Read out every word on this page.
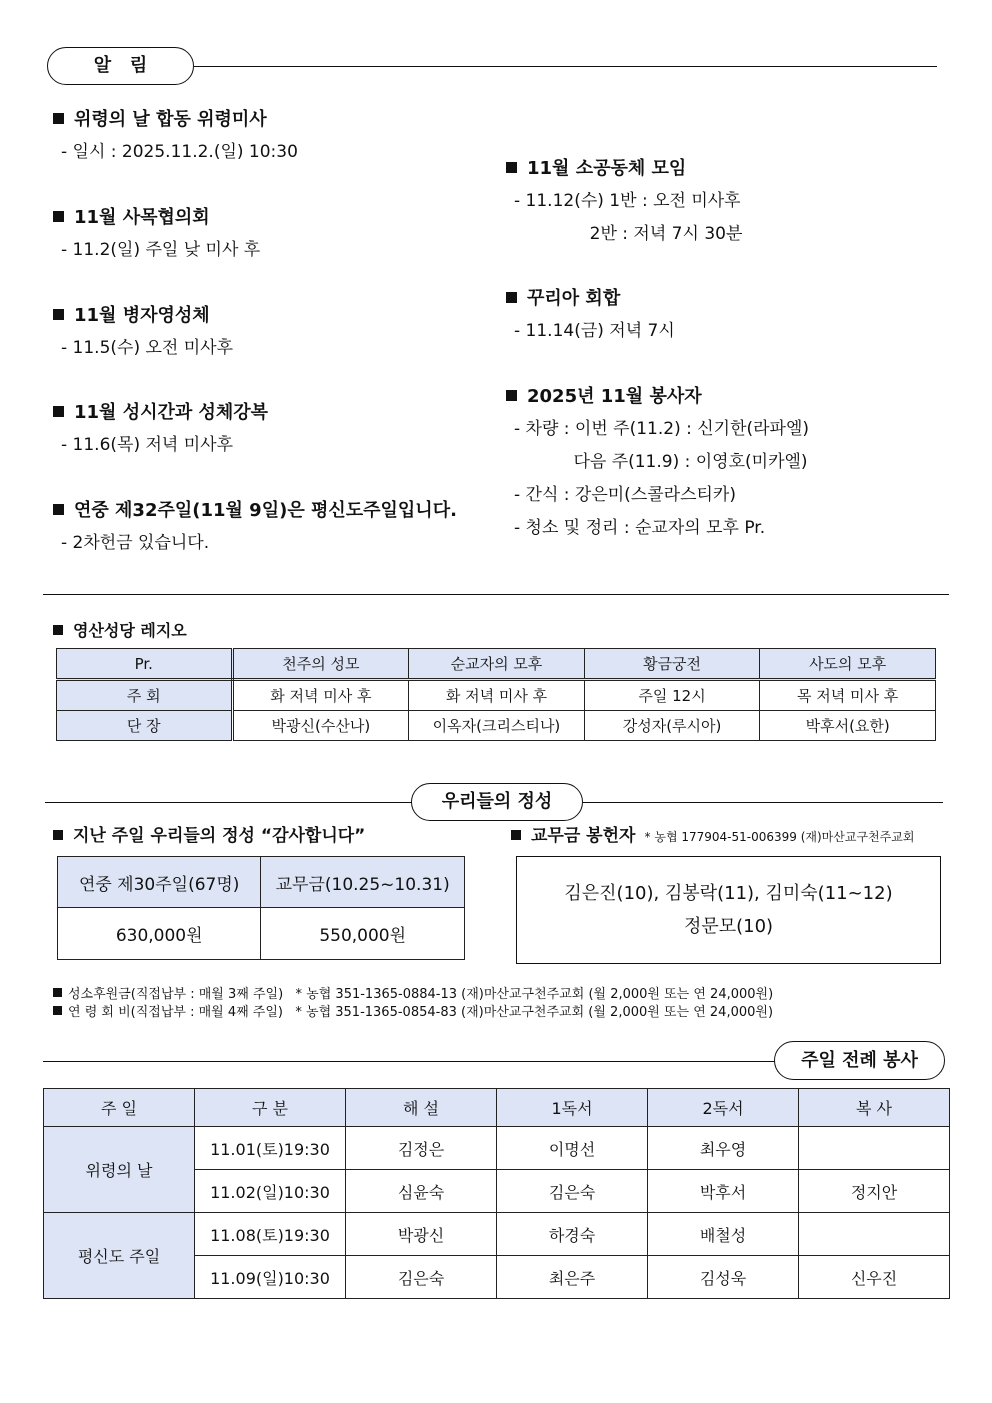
알   림
위령의 날 합동 위령미사
- 일시 : 2025.11.2.(일) 10:30
11월 사목협의회
- 11.2(일) 주일 낮 미사 후
11월 병자영성체
- 11.5(수) 오전 미사후
11월 성시간과 성체강복
- 11.6(목) 저녁 미사후
연중 제32주일(11월 9일)은 평신도주일입니다.
- 2차헌금 있습니다.
11월 소공동체 모임
- 11.12(수) 1반 : 오전 미사후
2반 : 저녁 7시 30분
꾸리아 회합
- 11.14(금) 저녁 7시
2025년 11월 봉사자
- 차량 : 이번 주(11.2) : 신기한(라파엘)
다음 주(11.9) : 이영호(미카엘)
- 간식 : 강은미(스콜라스티카)
- 청소 및 정리 : 순교자의 모후 Pr.
영산성당 레지오
Pr.	천주의 성모	순교자의 모후	황금궁전	사도의 모후
주 회	화 저녁 미사 후	화 저녁 미사 후	주일 12시	목 저녁 미사 후
단 장	박광신(수산나)	이옥자(크리스티나)	강성자(루시아)	박후서(요한)
우리들의 정성
지난 주일 우리들의 정성 “감사합니다”
연중 제30주일(67명)	교무금(10.25~10.31)
630,000원	550,000원
교무금 봉헌자 * 농협 177904-51-006399 (재)마산교구천주교회
김은진(10), 김봉락(11), 김미숙(11~12)
정문모(10)
성소후원금(직접납부 : 매월 3째 주일)   * 농협 351-1365-0884-13 (재)마산교구천주교회 (월 2,000원 또는 연 24,000원)
연 령 회 비(직접납부 : 매월 4째 주일)   * 농협 351-1365-0854-83 (재)마산교구천주교회 (월 2,000원 또는 연 24,000원)
주일 전례 봉사
주 일	구 분	해 설	1독서	2독서	복 사
위령의 날	11.01(토)19:30	김정은	이명선	최우영	
	11.02(일)10:30	심윤숙	김은숙	박후서	정지안
평신도 주일	11.08(토)19:30	박광신	하경숙	배철성	
	11.09(일)10:30	김은숙	최은주	김성욱	신우진
